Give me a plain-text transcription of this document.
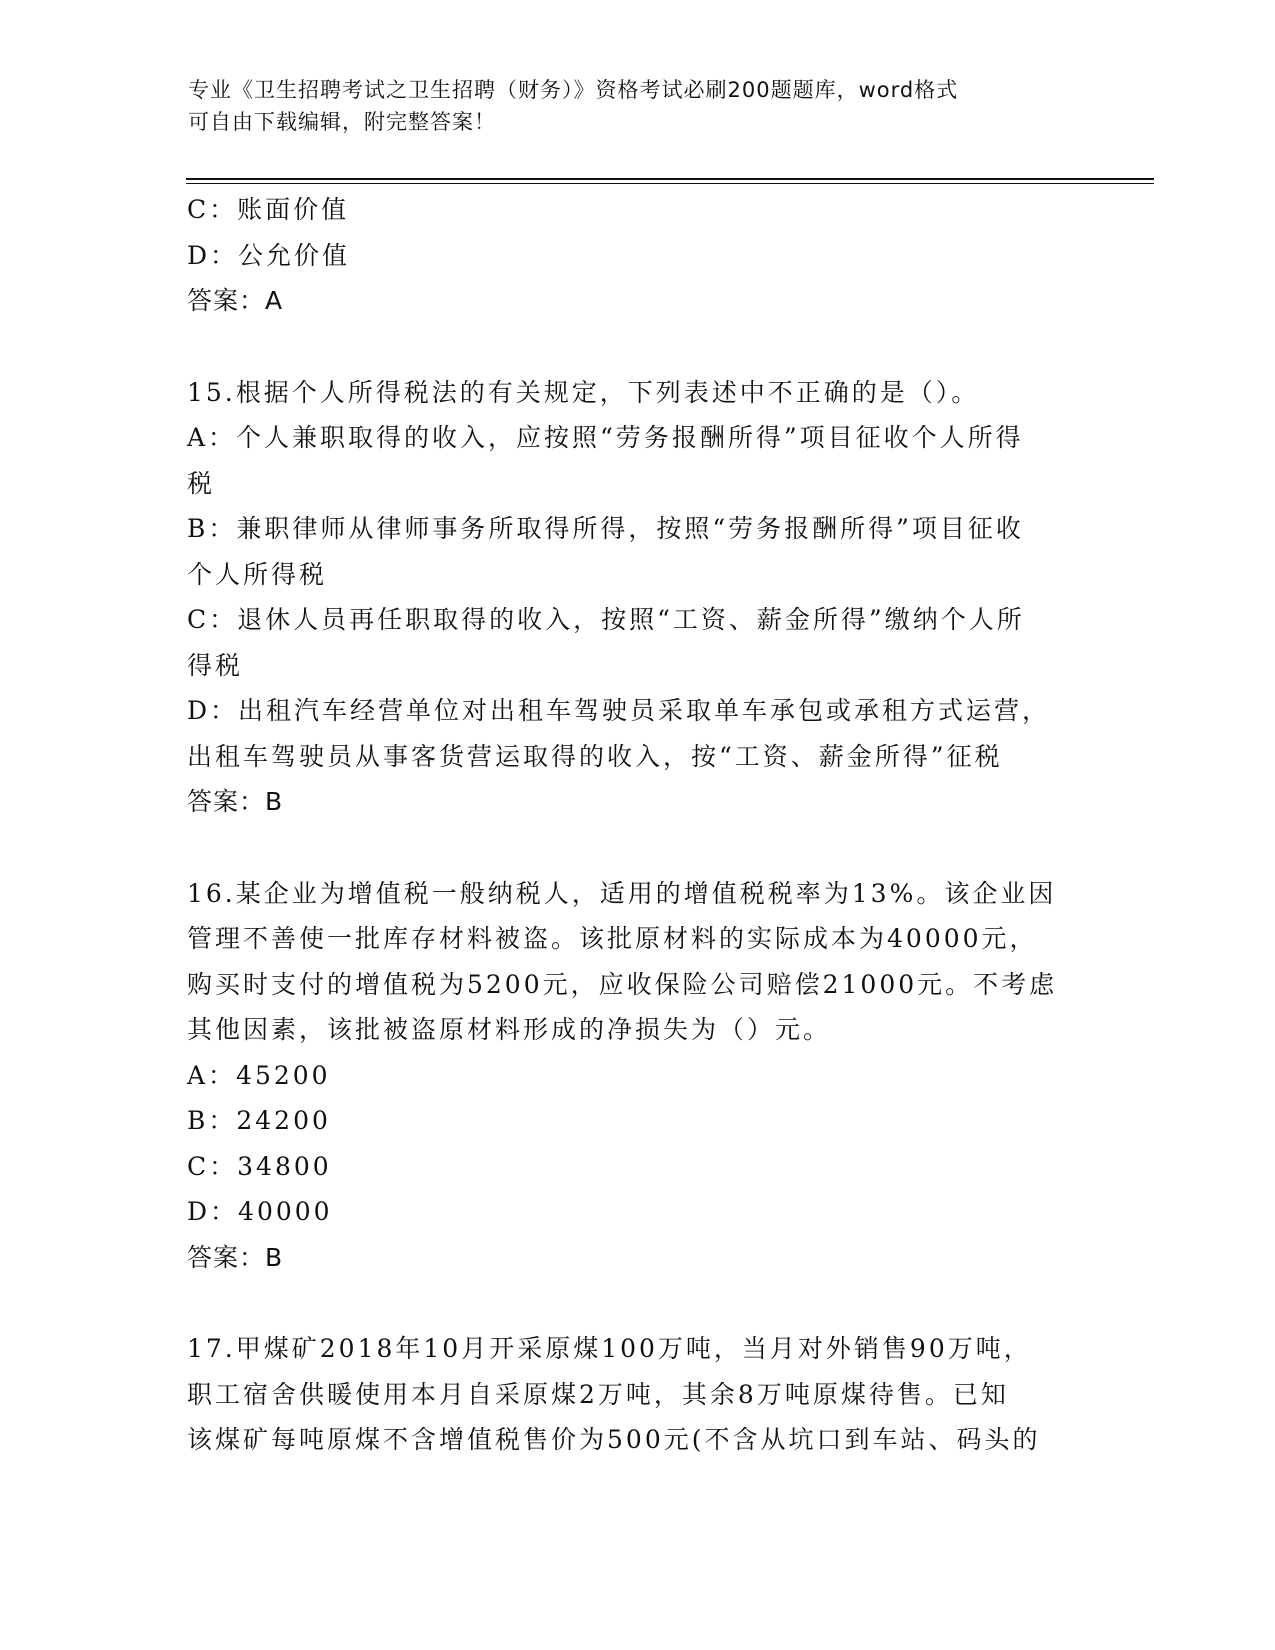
专业《卫生招聘考试之卫生招聘（财务）》资格考试必刷200题题库，word格式
可自由下载编辑，附完整答案！
C：账面价值
D：公允价值
答案：A
15.根据个人所得税法的有关规定，下列表述中不正确的是（）。
A：个人兼职取得的收入，应按照“劳务报酬所得”项目征收个人所得
税
B：兼职律师从律师事务所取得所得，按照“劳务报酬所得”项目征收
个人所得税
C：退休人员再任职取得的收入，按照“工资、薪金所得”缴纳个人所
得税
D：出租汽车经营单位对出租车驾驶员采取单车承包或承租方式运营，
出租车驾驶员从事客货营运取得的收入，按“工资、薪金所得”征税
答案：B
16.某企业为增值税一般纳税人，适用的增值税税率为13%。该企业因
管理不善使一批库存材料被盗。该批原材料的实际成本为40000元，
购买时支付的增值税为5200元，应收保险公司赔偿21000元。不考虑
其他因素，该批被盗原材料形成的净损失为（）元。
A：45200
B：24200
C：34800
D：40000
答案：B
17.甲煤矿2018年10月开采原煤100万吨，当月对外销售90万吨，
职工宿舍供暖使用本月自采原煤2万吨，其余8万吨原煤待售。已知
该煤矿每吨原煤不含增值税售价为500元(不含从坑口到车站、码头的
